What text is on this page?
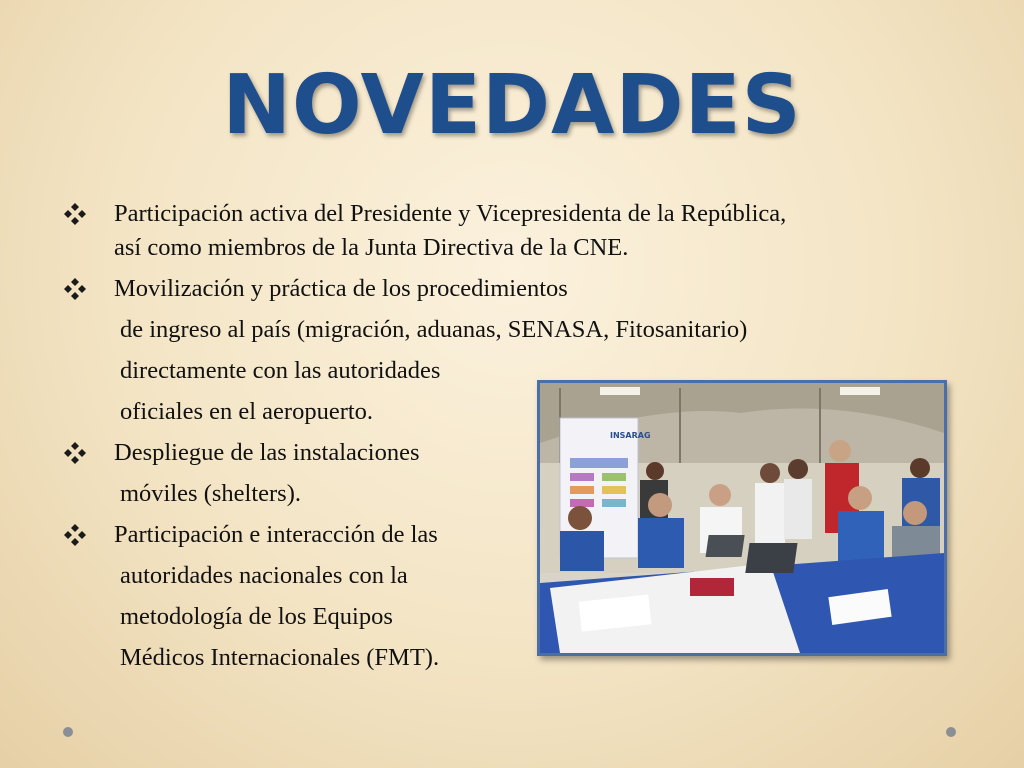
NOVEDADES
Participación activa del Presidente y Vicepresidenta de la República,
así como miembros de la Junta Directiva de la CNE.
Movilización y práctica de los procedimientos
de ingreso al país (migración, aduanas, SENASA, Fitosanitario)
directamente con las autoridades
oficiales en el aeropuerto.
Despliegue de las instalaciones
móviles (shelters).
Participación e interacción de las
autoridades nacionales con la
metodología de los Equipos
Médicos Internacionales (FMT).
INSARAG
